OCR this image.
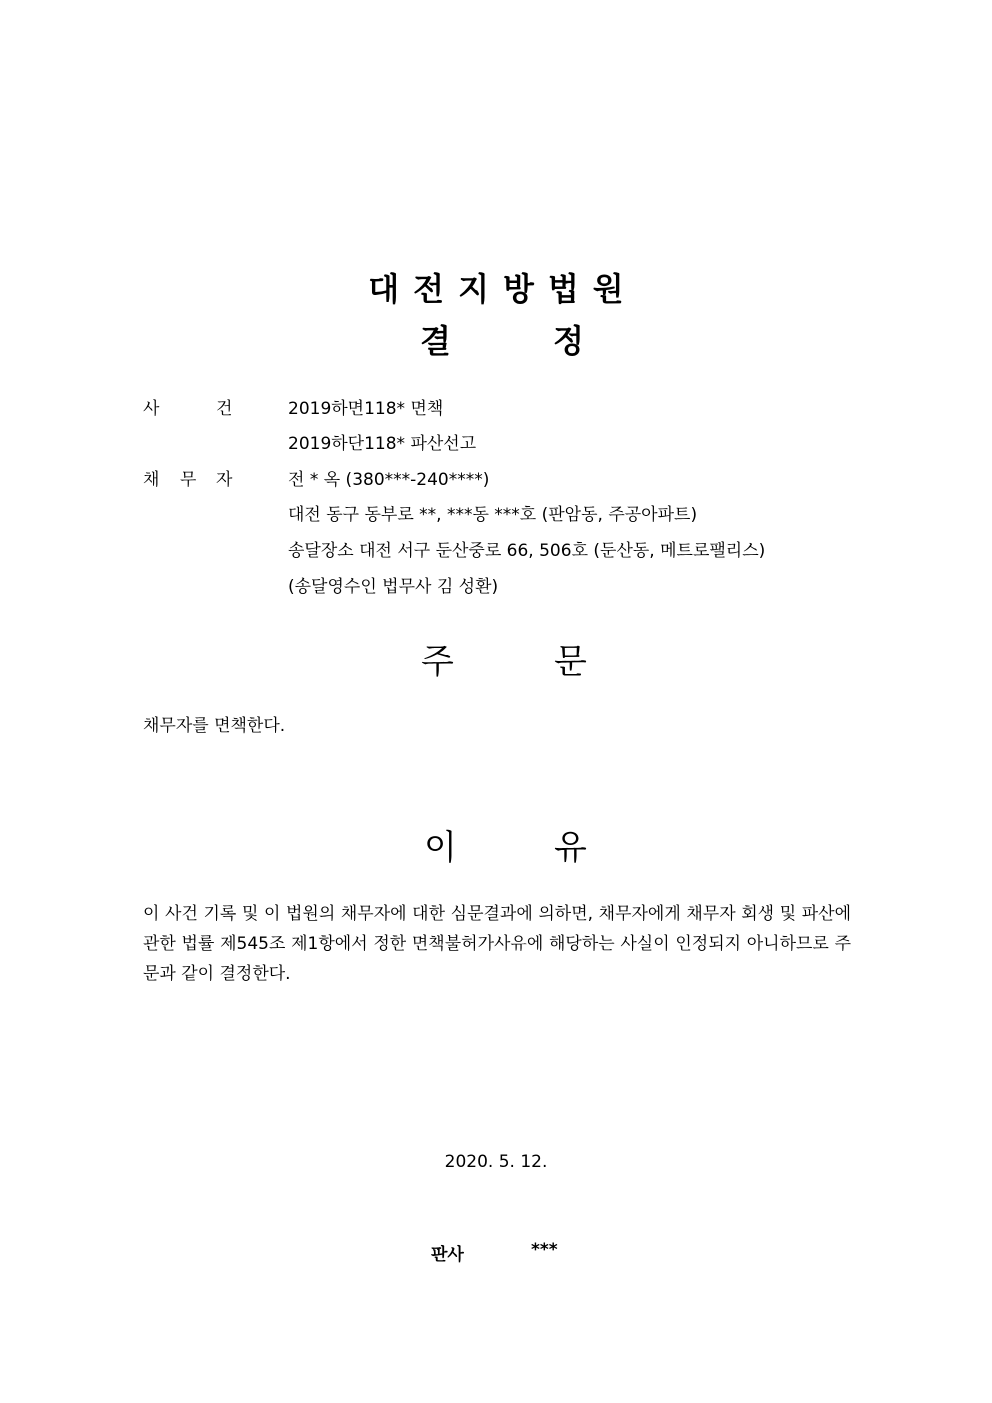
대전지방법원
결	정
사	건	2019하면118* 면책
2019하단118* 파산선고
채 무 자	전 * 옥 (380***-240****)
대전 동구 동부로 **, ***동 ***호 (판암동, 주공아파트)
송달장소 대전 서구 둔산중로 66, 506호 (둔산동, 메트로팰리스)
(송달영수인 법무사 김 성환)
주	문
채무자를 면책한다.
이	유
이 사건 기록 및 이 법원의 채무자에 대한 심문결과에 의하면, 채무자에게 채무자 회생 및 파산에 관한 법률 제545조 제1항에서 정한 면책불허가사유에 해당하는 사실이 인정되지 아니하므로 주문과 같이 결정한다.
2020. 5. 12.
판사	***
